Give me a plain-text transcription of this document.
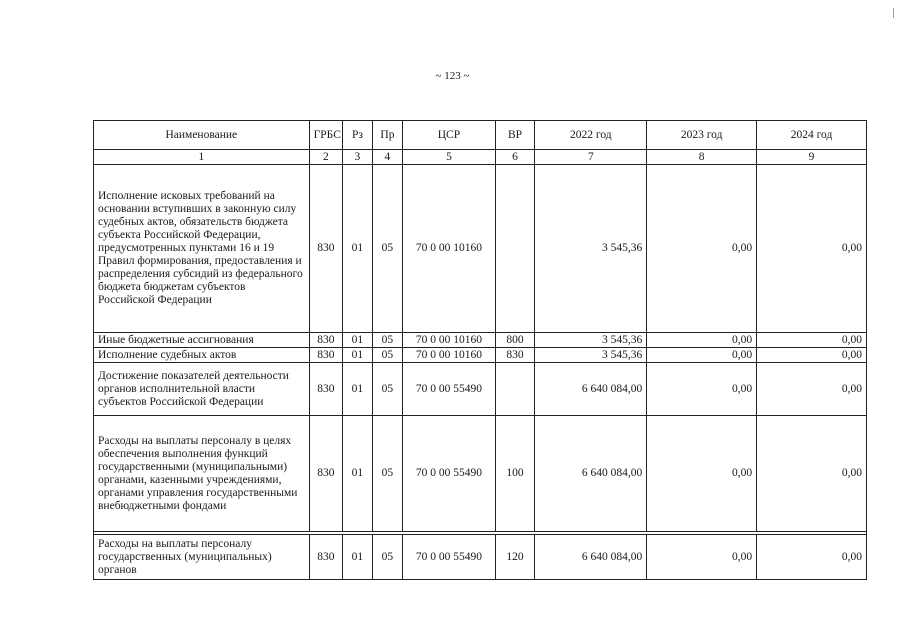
~ 123 ~
Наименование	ГРБС	Рз	Пр	ЦСР	ВР	2022 год	2023 год	2024 год
1	2	3	4	5	6	7	8	9
Исполнение исковых требований на основании вступивших в законную силу судебных актов, обязательств бюджета субъекта Российской Федерации, предусмотренных пунктами 16 и 19 Правил формирования, предоставления и распределения субсидий из федерального бюджета бюджетам субъектов Российской Федерации	830	01	05	70 0 00 10160		3 545,36	0,00	0,00
Иные бюджетные ассигнования	830	01	05	70 0 00 10160	800	3 545,36	0,00	0,00
Исполнение судебных актов	830	01	05	70 0 00 10160	830	3 545,36	0,00	0,00
Достижение показателей деятельности органов исполнительной власти субъектов Российской Федерации	830	01	05	70 0 00 55490		6 640 084,00	0,00	0,00
Расходы на выплаты персоналу в целях обеспечения выполнения функций государственными (муниципальными) органами, казенными учреждениями, органами управления государственными внебюджетными фондами	830	01	05	70 0 00 55490	100	6 640 084,00	0,00	0,00

Расходы на выплаты персоналу государственных (муниципальных) органов	830	01	05	70 0 00 55490	120	6 640 084,00	0,00	0,00
